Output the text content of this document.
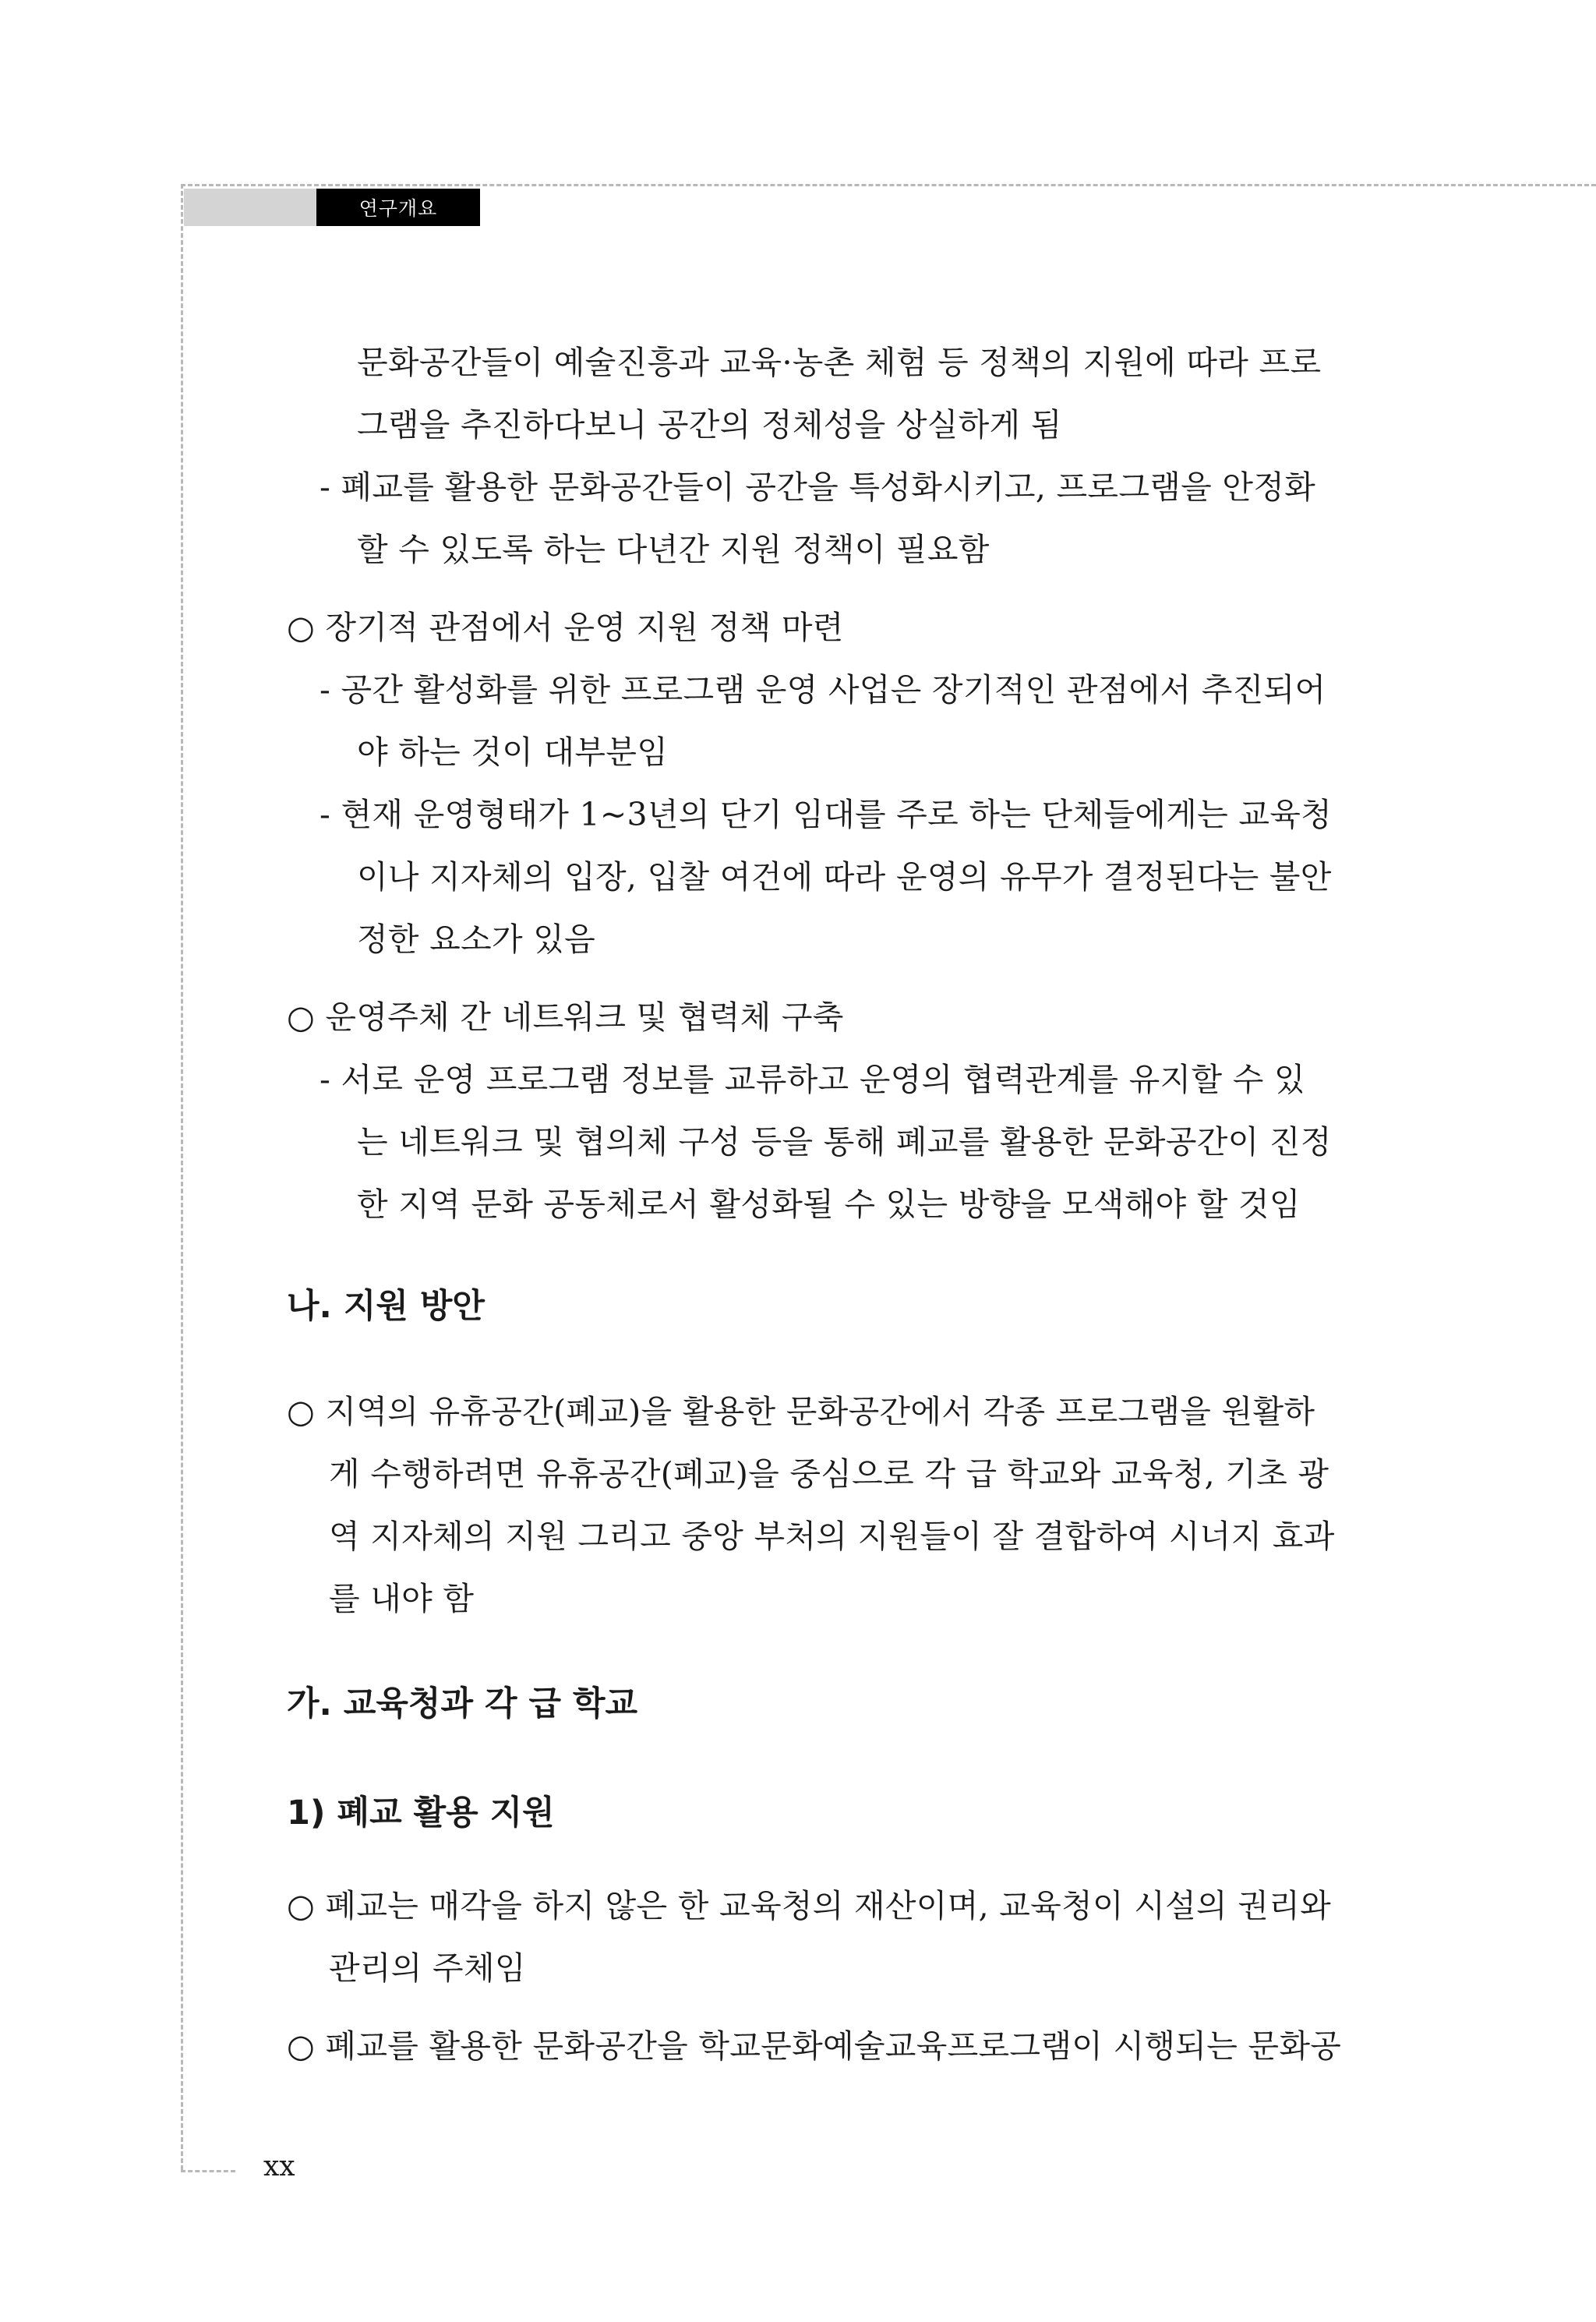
연구개요
문화공간들이 예술진흥과 교육·농촌 체험 등 정책의 지원에 따라 프로
그램을 추진하다보니 공간의 정체성을 상실하게 됨
- 폐교를 활용한 문화공간들이 공간을 특성화시키고, 프로그램을 안정화
할 수 있도록 하는 다년간 지원 정책이 필요함
○ 장기적 관점에서 운영 지원 정책 마련
- 공간 활성화를 위한 프로그램 운영 사업은 장기적인 관점에서 추진되어
야 하는 것이 대부분임
- 현재 운영형태가 1~3년의 단기 임대를 주로 하는 단체들에게는 교육청
이나 지자체의 입장, 입찰 여건에 따라 운영의 유무가 결정된다는 불안
정한 요소가 있음
○ 운영주체 간 네트워크 및 협력체 구축
- 서로 운영 프로그램 정보를 교류하고 운영의 협력관계를 유지할 수 있
는 네트워크 및 협의체 구성 등을 통해 폐교를 활용한 문화공간이 진정
한 지역 문화 공동체로서 활성화될 수 있는 방향을 모색해야 할 것임
나. 지원 방안
○ 지역의 유휴공간(폐교)을 활용한 문화공간에서 각종 프로그램을 원활하
게 수행하려면 유휴공간(폐교)을 중심으로 각 급 학교와 교육청, 기초 광
역 지자체의 지원 그리고 중앙 부처의 지원들이 잘 결합하여 시너지 효과
를 내야 함
가. 교육청과 각 급 학교
1) 폐교 활용 지원
○ 폐교는 매각을 하지 않은 한 교육청의 재산이며, 교육청이 시설의 권리와
관리의 주체임
○ 폐교를 활용한 문화공간을 학교문화예술교육프로그램이 시행되는 문화공
xx
